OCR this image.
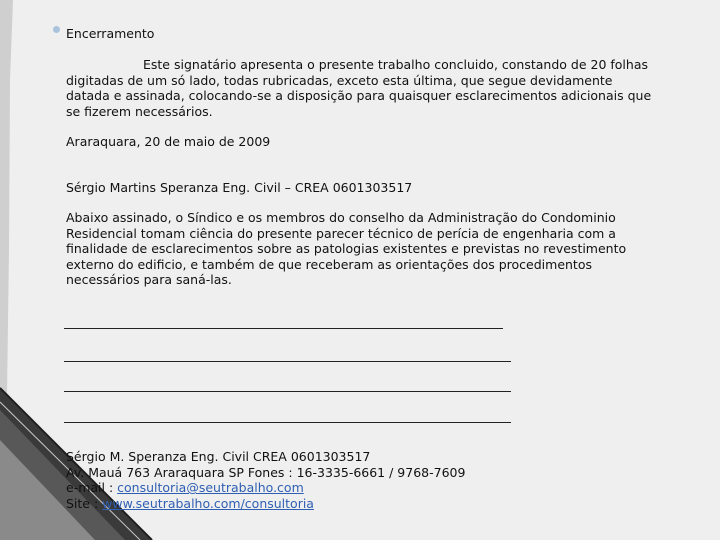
Encerramento
Este signatário apresenta o presente trabalho concluido, constando de 20 folhas
digitadas de um só lado, todas rubricadas, exceto esta última, que segue devidamente
datada e assinada, colocando-se a disposição para quaisquer esclarecimentos adicionais que
se fizerem necessários.
Araraquara, 20 de maio de 2009
Sérgio Martins Speranza Eng. Civil – CREA 0601303517
Abaixo assinado, o Síndico e os membros do conselho da Administração do Condominio
Residencial tomam ciência do presente parecer técnico de perícia de engenharia com a
finalidade de esclarecimentos sobre as patologias existentes e previstas no revestimento
externo do edificio, e também de que receberam as orientações dos procedimentos
necessários para saná-las.
Sérgio M. Speranza Eng. Civil CREA 0601303517
Av. Mauá 763 Araraquara SP Fones : 16-3335-6661 / 9768-7609
e-mail : consultoria@seutrabalho.com
Site : www.seutrabalho.com/consultoria
